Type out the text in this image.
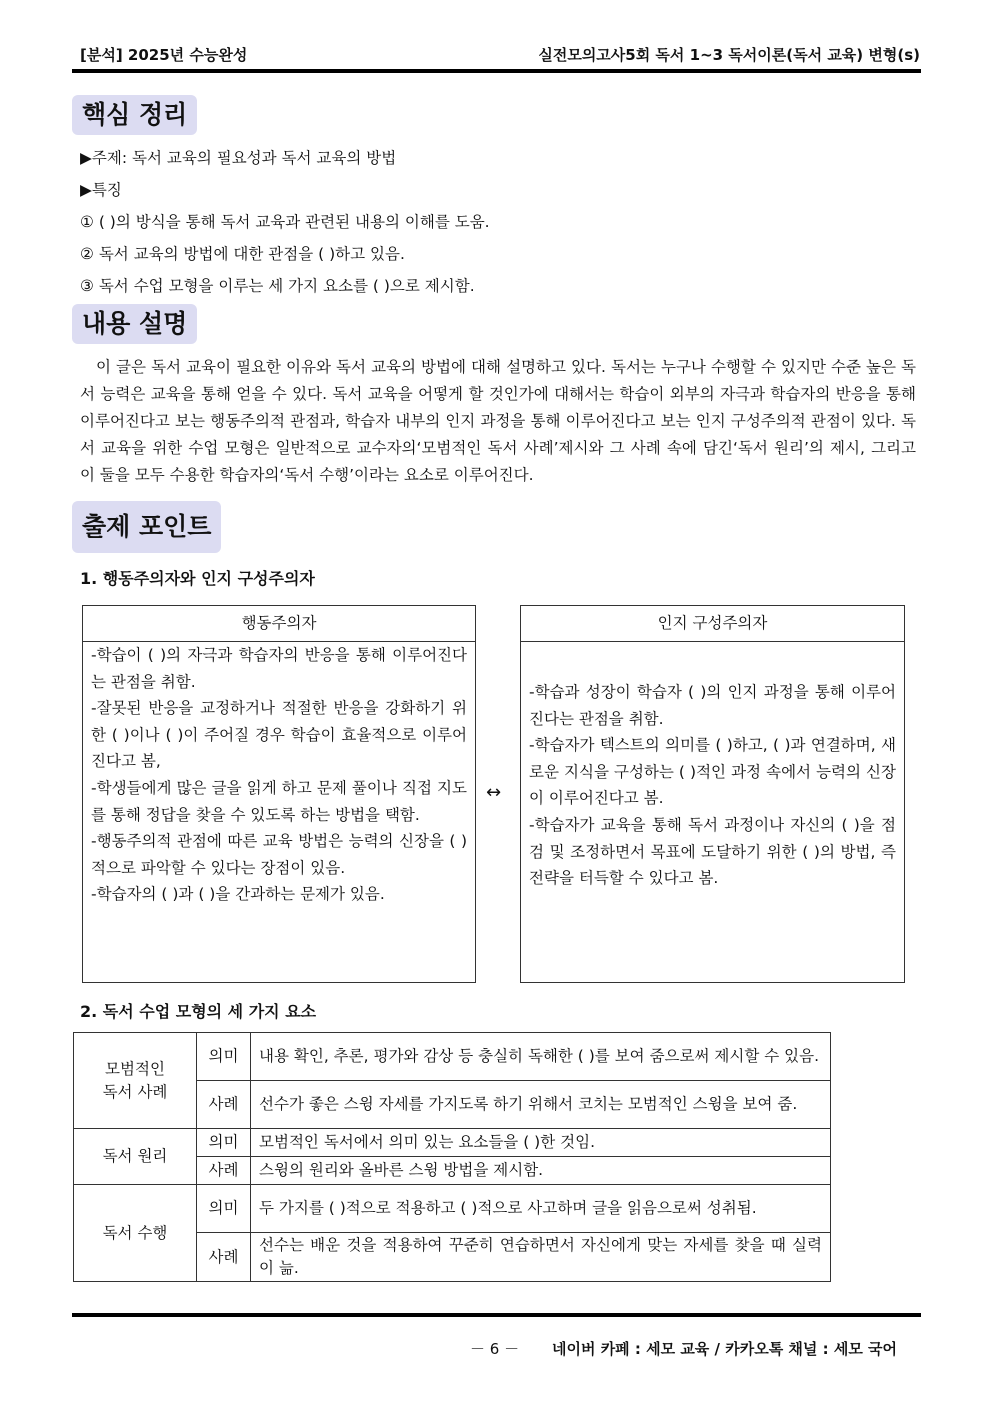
[분석] 2025년 수능완성	실전모의고사5회 독서 1~3 독서이론(독서 교육) 변형(s)
핵심 정리
▶주제: 독서 교육의 필요성과 독서 교육의 방법
▶특징
① ( )의 방식을 통해 독서 교육과 관련된 내용의 이해를 도움.
② 독서 교육의 방법에 대한 관점을 ( )하고 있음.
③ 독서 수업 모형을 이루는 세 가지 요소를 ( )으로 제시함.
내용 설명
이 글은 독서 교육이 필요한 이유와 독서 교육의 방법에 대해 설명하고 있다. 독서는 누구나 수행할 수 있지만 수준 높은 독서 능력은 교육을 통해 얻을 수 있다. 독서 교육을 어떻게 할 것인가에 대해서는 학습이 외부의 자극과 학습자의 반응을 통해 이루어진다고 보는 행동주의적 관점과, 학습자 내부의 인지 과정을 통해 이루어진다고 보는 인지 구성주의적 관점이 있다. 독서 교육을 위한 수업 모형은 일반적으로 교수자의‘모범적인 독서 사례’제시와 그 사례 속에 담긴‘독서 원리’의 제시, 그리고 이 둘을 모두 수용한 학습자의‘독서 수행’이라는 요소로 이루어진다.
출제 포인트
1. 행동주의자와 인지 구성주의자
행동주의자
-학습이 ( )의 자극과 학습자의 반응을 통해 이루어진다는 관점을 취함.
-잘못된 반응을 교정하거나 적절한 반응을 강화하기 위한 ( )이나 ( )이 주어질 경우 학습이 효율적으로 이루어진다고 봄,
-학생들에게 많은 글을 읽게 하고 문제 풀이나 직접 지도를 통해 정답을 찾을 수 있도록 하는 방법을 택함.
-행동주의적 관점에 따른 교육 방법은 능력의 신장을 ( )적으로 파악할 수 있다는 장점이 있음.
-학습자의 ( )과 ( )을 간과하는 문제가 있음.
↔
인지 구성주의자
-학습과 성장이 학습자 ( )의 인지 과정을 통해 이루어진다는 관점을 취함.
-학습자가 텍스트의 의미를 ( )하고, ( )과 연결하며, 새로운 지식을 구성하는 ( )적인 과정 속에서 능력의 신장이 이루어진다고 봄.
-학습자가 교육을 통해 독서 과정이나 자신의 ( )을 점검 및 조정하면서 목표에 도달하기 위한 ( )의 방법, 즉 전략을 터득할 수 있다고 봄.
2. 독서 수업 모형의 세 가지 요소
모범적인
독서 사례	의미	내용 확인, 추론, 평가와 감상 등 충실히 독해한 ( )를 보여 줌으로써 제시할 수 있음.
	사례	선수가 좋은 스윙 자세를 가지도록 하기 위해서 코치는 모범적인 스윙을 보여 줌.

독서 원리	의미	모범적인 독서에서 의미 있는 요소들을 ( )한 것임.
	사례	스윙의 원리와 올바른 스윙 방법을 제시함.

독서 수행	의미	두 가지를 ( )적으로 적용하고 ( )적으로 사고하며 글을 읽음으로써 성취됨.
	사례	선수는 배운 것을 적용하여 꾸준히 연습하면서 자신에게 맞는 자세를 찾을 때 실력이 늚.
－ 6 － 네이버 카페 : 세모 교육 / 카카오톡 채널 : 세모 국어
